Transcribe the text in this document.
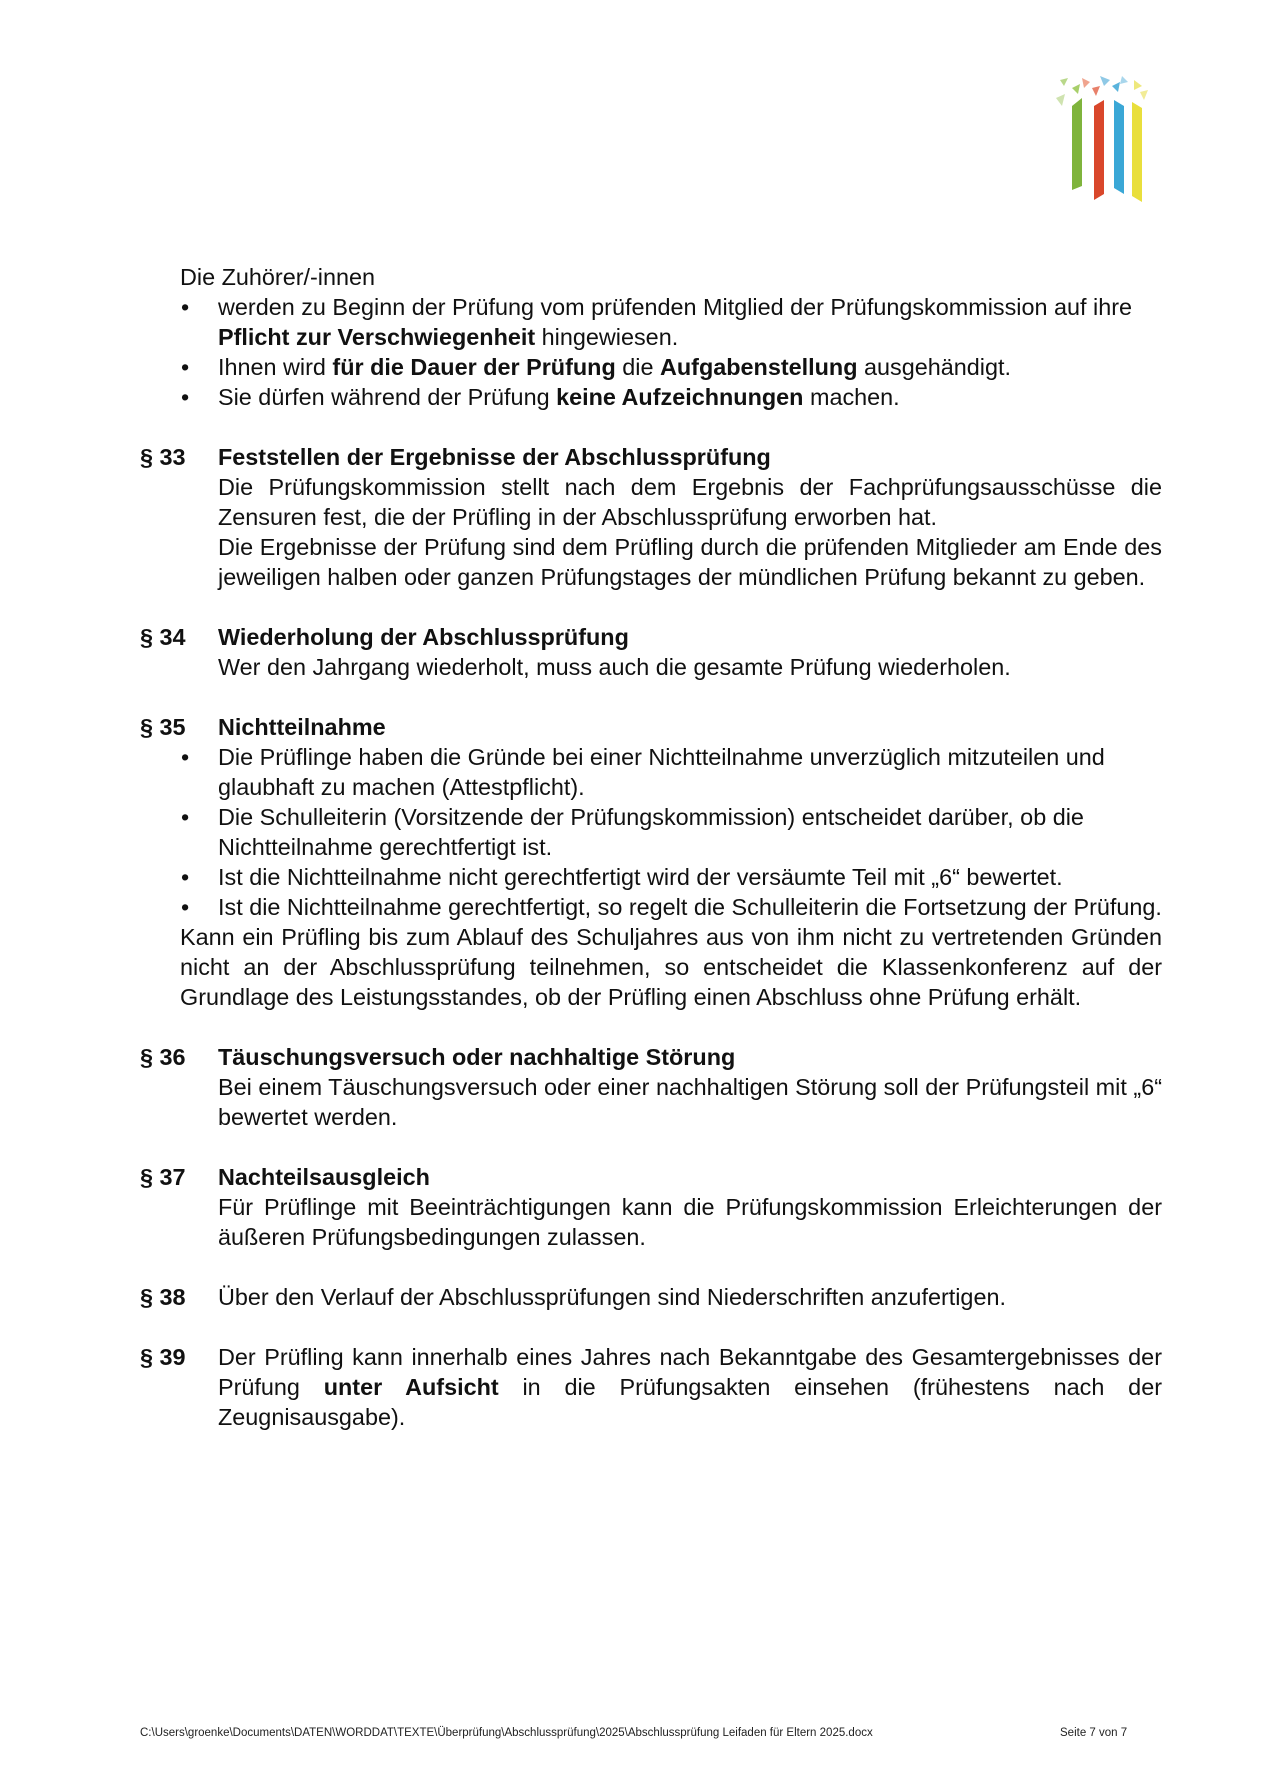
Die Zuhörer/-innen
• werden zu Beginn der Prüfung vom prüfenden Mitglied der Prüfungskommission auf ihre Pflicht zur Verschwiegenheit hingewiesen.
• Ihnen wird für die Dauer der Prüfung die Aufgabenstellung ausgehändigt.
• Sie dürfen während der Prüfung keine Aufzeichnungen machen.
§ 33	Feststellen der Ergebnisse der Abschlussprüfung
Die Prüfungskommission stellt nach dem Ergebnis der Fachprüfungsausschüsse die Zensuren fest, die der Prüfling in der Abschlussprüfung erworben hat.
Die Ergebnisse der Prüfung sind dem Prüfling durch die prüfenden Mitglieder am Ende des jeweiligen halben oder ganzen Prüfungstages der mündlichen Prüfung bekannt zu geben.
§ 34	Wiederholung der Abschlussprüfung
Wer den Jahrgang wiederholt, muss auch die gesamte Prüfung wiederholen.
§ 35	Nichtteilnahme
• Die Prüflinge haben die Gründe bei einer Nichtteilnahme unverzüglich mitzuteilen und glaubhaft zu machen (Attestpflicht).
• Die Schulleiterin (Vorsitzende der Prüfungskommission) entscheidet darüber, ob die Nichtteilnahme gerechtfertigt ist.
• Ist die Nichtteilnahme nicht gerechtfertigt wird der versäumte Teil mit „6“ bewertet.
• Ist die Nichtteilnahme gerechtfertigt, so regelt die Schulleiterin die Fortsetzung der Prüfung.
Kann ein Prüfling bis zum Ablauf des Schuljahres aus von ihm nicht zu vertretenden Gründen nicht an der Abschlussprüfung teilnehmen, so entscheidet die Klassenkonferenz auf der Grundlage des Leistungsstandes, ob der Prüfling einen Abschluss ohne Prüfung erhält.
§ 36	Täuschungsversuch oder nachhaltige Störung
Bei einem Täuschungsversuch oder einer nachhaltigen Störung soll der Prüfungsteil mit „6“ bewertet werden.
§ 37	Nachteilsausgleich
Für Prüflinge mit Beeinträchtigungen kann die Prüfungskommission Erleichterungen der äußeren Prüfungsbedingungen zulassen.
§ 38	Über den Verlauf der Abschlussprüfungen sind Niederschriften anzufertigen.
§ 39	Der Prüfling kann innerhalb eines Jahres nach Bekanntgabe des Gesamtergebnisses der Prüfung unter Aufsicht in die Prüfungsakten einsehen (frühestens nach der Zeugnisausgabe).
C:\Users\groenke\Documents\DATEN\WORDDAT\TEXTE\Überprüfung\Abschlussprüfung\2025\Abschlussprüfung Leifaden für Eltern 2025.docx	Seite 7 von 7
